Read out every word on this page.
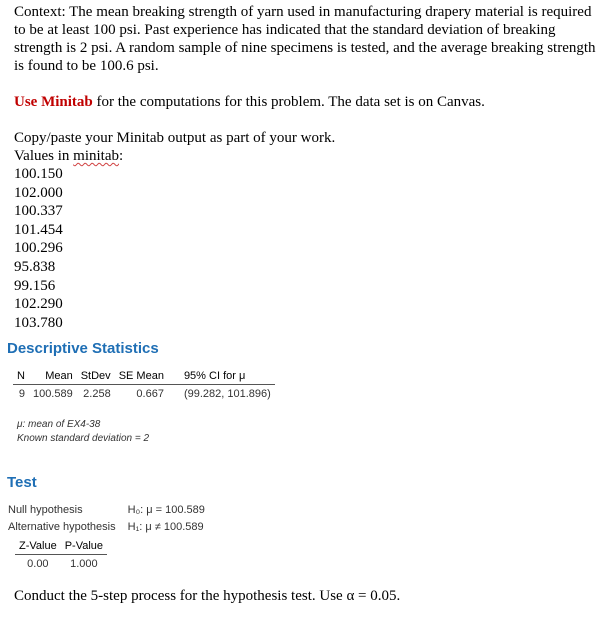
Context: The mean breaking strength of yarn used in manufacturing drapery material is required to be at least 100 psi. Past experience has indicated that the standard deviation of breaking strength is 2 psi. A random sample of nine specimens is tested, and the average breaking strength is found to be 100.6 psi.

Use Minitab for the computations for this problem. The data set is on Canvas.

Copy/paste your Minitab output as part of your work.

Values in minitab:

100.150
102.000
100.337
101.454
100.296
95.838
99.156
102.290
103.780
Descriptive Statistics
N	Mean	StDev	SE Mean	95% CI for μ
9	100.589	2.258	0.667	(99.282, 101.896)

μ: mean of EX4-38
Known standard deviation = 2

Test
Null hypothesis	H₀: μ = 100.589
Alternative hypothesis	H₁: μ ≠ 100.589
Z-Value	P-Value
0.00	1.000

Conduct the 5-step process for the hypothesis test. Use α = 0.05.
